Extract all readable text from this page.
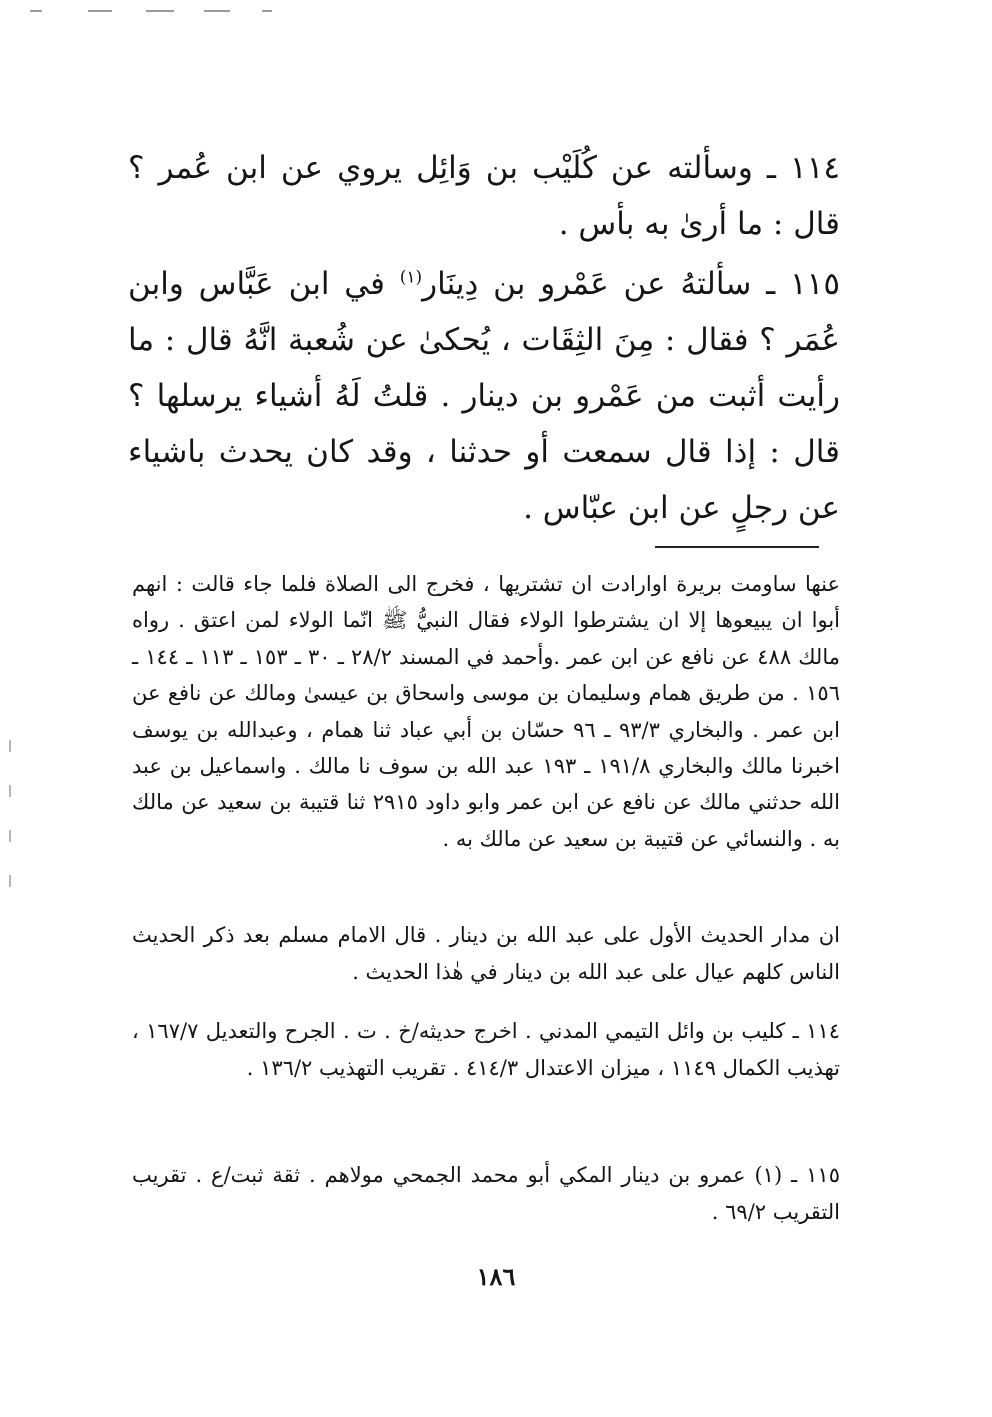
١١٤ ـ وسألته عن كُلَيْب بن وَائِل يروي عن ابن عُمر ؟ قال : ما أرىٰ به بأس .

١١٥ ـ سألتهُ عن عَمْرو بن دِينَار$^{(١)}$ في ابن عَبَّاس وابن عُمَر ؟ فقال : مِنَ الثِقَات ، يُحكىٰ عن شُعبة انَّهُ قال : ما رأيت أثبت من عَمْرو بن دينار . قلتُ لَهُ أشياء يرسلها ؟ قال : إذا قال سمعت أو حدثنا ، وقد كان يحدث باشياء عن رجلٍ عن ابن عبّاس .

عنها ساومت بريرة اوارادت ان تشتريها ، فخرج الى الصلاة فلما جاء قالت : انهم أبوا ان يبيعوها إلا ان يشترطوا الولاء فقال النبيُّ ﷺ انّما الولاء لمن اعتق . رواه مالك ٤٨٨ عن نافع عن ابن عمر .وأحمد في المسند ٢٨/٢ ـ ٣٠ ـ ١٥٣ ـ ١١٣ ـ ١٤٤ ـ ١٥٦ . من طريق همام وسليمان بن موسى واسحاق بن عيسىٰ ومالك عن نافع عن ابن عمر . والبخاري ٩٣/٣ ـ ٩٦ حسّان بن أبي عباد ثنا همام ، وعبدالله بن يوسف اخبرنا مالك والبخاري ١٩١/٨ ـ ١٩٣ عبد الله بن سوف نا مالك . واسماعيل بن عبد الله حدثني مالك عن نافع عن ابن عمر وابو داود ٢٩١٥ ثنا قتيبة بن سعيد عن مالك به . والنسائي عن قتيبة بن سعيد عن مالك به .

ان مدار الحديث الأول على عبد الله بن دينار . قال الامام مسلم بعد ذكر الحديث الناس كلهم عيال على عبد الله بن دينار في هٰذا الحديث .

١١٤ ـ كليب بن وائل التيمي المدني . اخرج حديثه/خ . ت . الجرح والتعديل ١٦٧/٧ ، تهذيب الكمال ١١٤٩ ، ميزان الاعتدال ٤١٤/٣ . تقريب التهذيب ١٣٦/٢ .

١١٥ ـ (١) عمرو بن دينار المكي أبو محمد الجمحي مولاهم . ثقة ثبت/ع . تقريب التقريب ٦٩/٢ .

١٨٦
